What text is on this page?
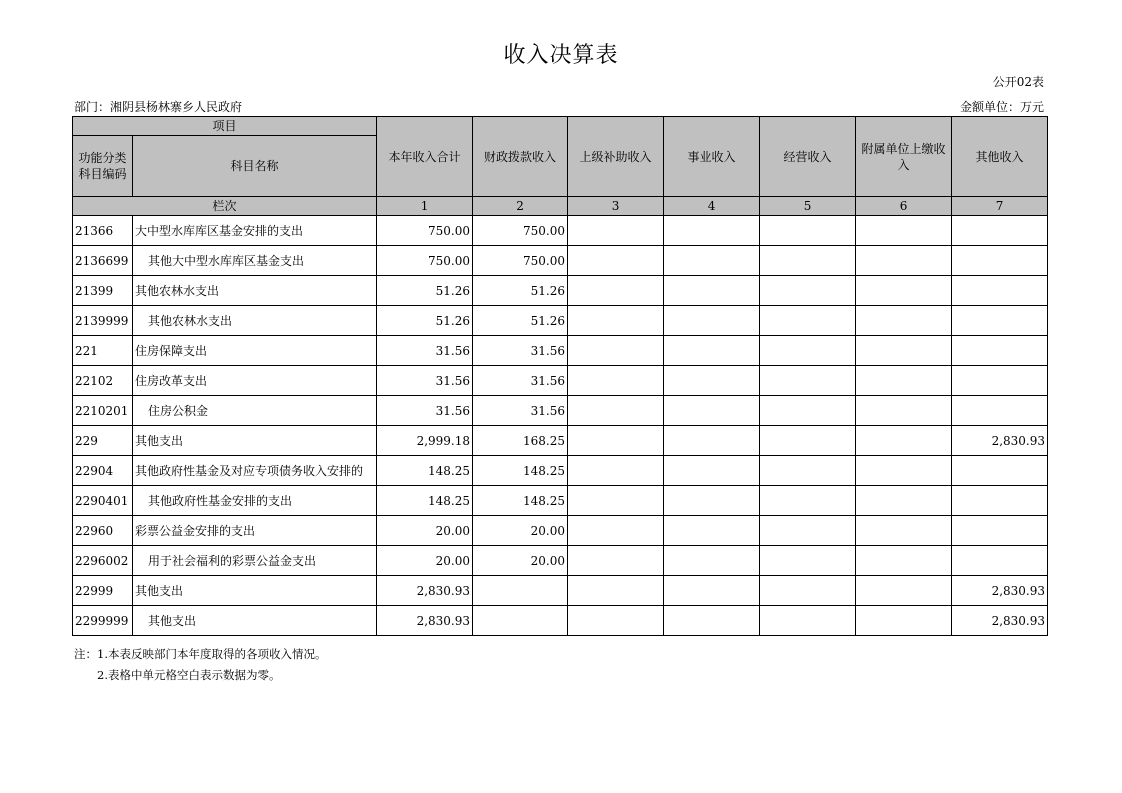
收入决算表
公开02表
部门：湘阴县杨林寨乡人民政府	金额单位：万元
项目		本年收入合计	财政拨款收入	上级补助收入	事业收入	经营收入	附属单位上缴收入	其他收入
功能分类科目编码	科目名称							
栏次		1	2	3	4	5	6	7
21366	大中型水库库区基金安排的支出	750.00	750.00					
2136699	其他大中型水库库区基金支出	750.00	750.00					
21399	其他农林水支出	51.26	51.26					
2139999	其他农林水支出	51.26	51.26					
221	住房保障支出	31.56	31.56					
22102	住房改革支出	31.56	31.56					
2210201	住房公积金	31.56	31.56					
229	其他支出	2,999.18	168.25					2,830.93
22904	其他政府性基金及对应专项债务收入安排的	148.25	148.25					
2290401	其他政府性基金安排的支出	148.25	148.25					
22960	彩票公益金安排的支出	20.00	20.00					
2296002	用于社会福利的彩票公益金支出	20.00	20.00					
22999	其他支出	2,830.93						2,830.93
2299999	其他支出	2,830.93						2,830.93
注：1.本表反映部门本年度取得的各项收入情况。
2.表格中单元格空白表示数据为零。
